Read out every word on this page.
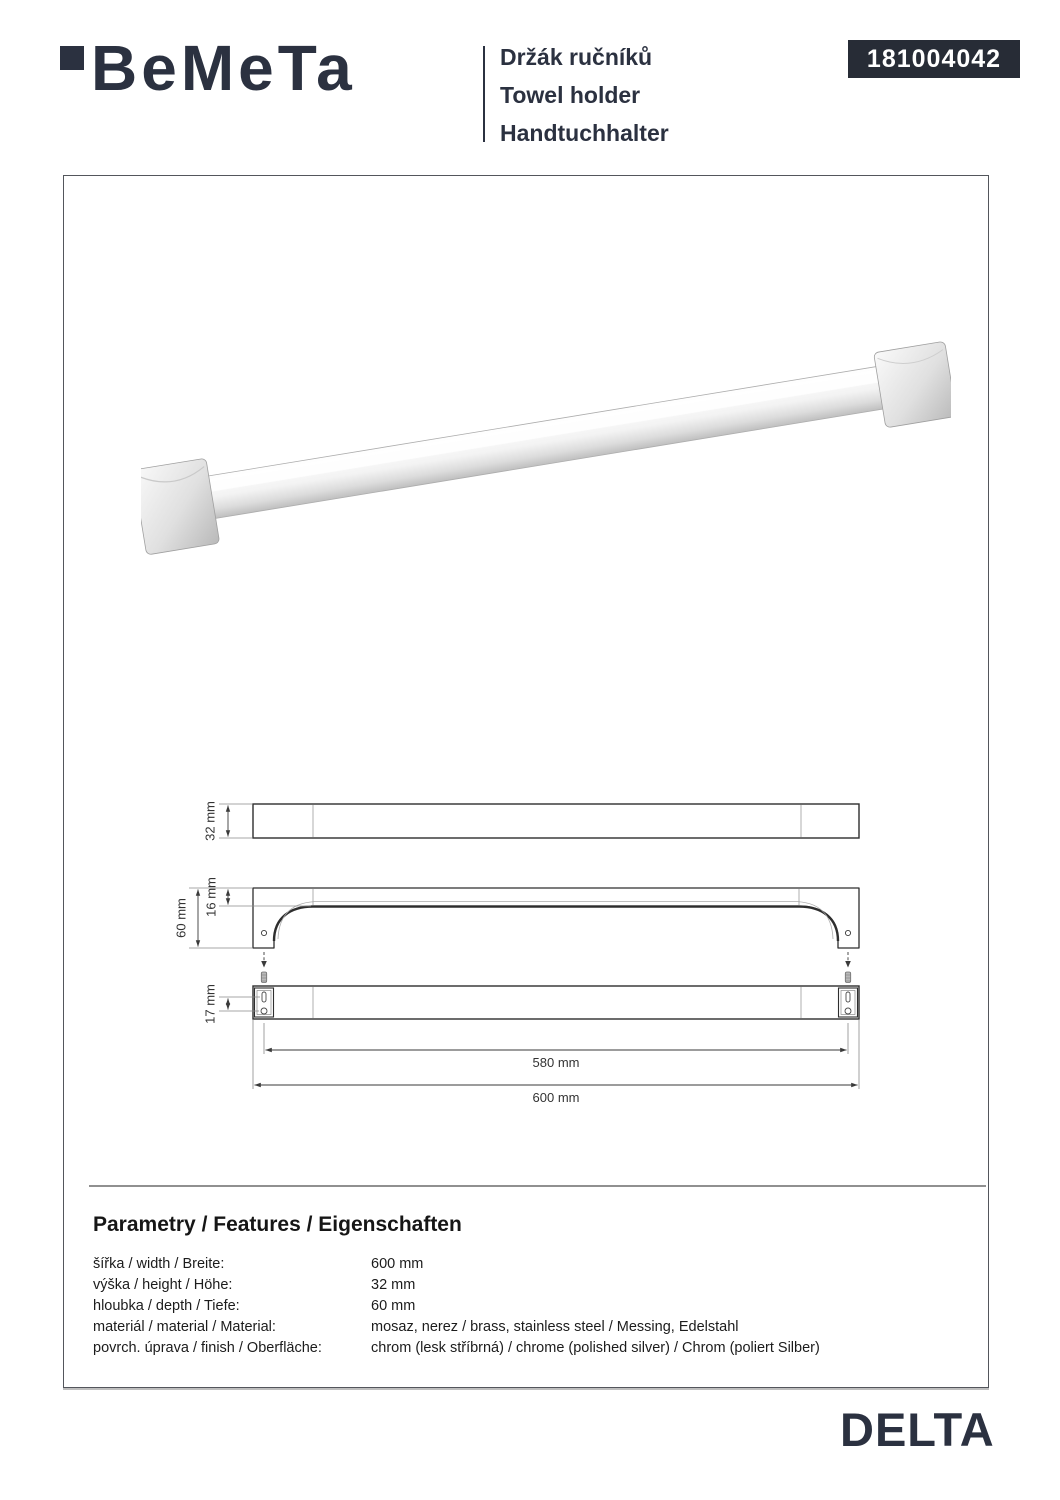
BeMeTa	Držák ručníků
Towel holder
Handtuchhalter
181004042
32 mm
60 mm
16 mm
17 mm
580 mm
600 mm
Parametry / Features / Eigenschaften
šířka / width / Breite:	600 mm
výška / height / Höhe:	32 mm
hloubka / depth / Tiefe:	60 mm
materiál / material / Material:	mosaz, nerez / brass, stainless steel / Messing, Edelstahl
povrch. úprava / finish / Oberfläche:	chrom (lesk stříbrná) / chrome (polished silver) / Chrom (poliert Silber)
DELTA
